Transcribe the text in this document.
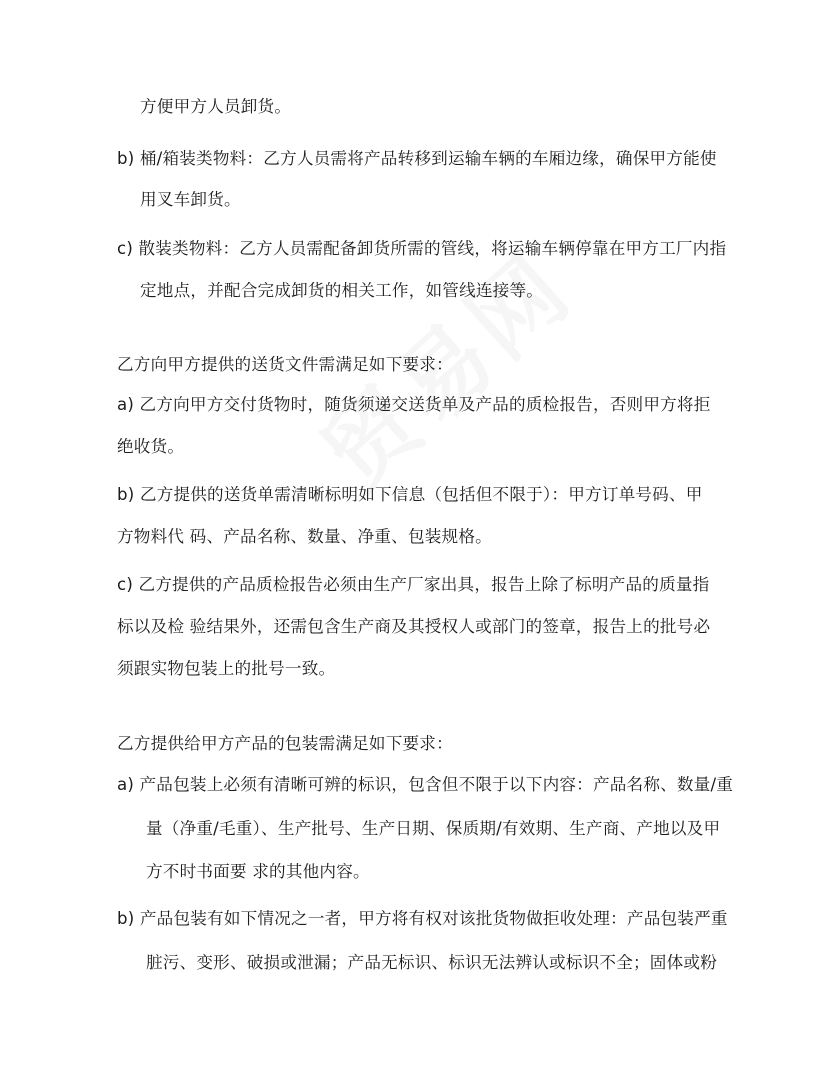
方便甲方人员卸货。
b) 桶/箱装类物料：乙方人员需将产品转移到运输车辆的车厢边缘，确保甲方能使
用叉车卸货。
c) 散装类物料：乙方人员需配备卸货所需的管线，将运输车辆停靠在甲方工厂内指
定地点，并配合完成卸货的相关工作，如管线连接等。
乙方向甲方提供的送货文件需满足如下要求：
a) 乙方向甲方交付货物时，随货须递交送货单及产品的质检报告，否则甲方将拒
绝收货。
b) 乙方提供的送货单需清晰标明如下信息（包括但不限于）：甲方订单号码、甲
方物料代 码、产品名称、数量、净重、包装规格。
c) 乙方提供的产品质检报告必须由生产厂家出具，报告上除了标明产品的质量指
标以及检 验结果外，还需包含生产商及其授权人或部门的签章，报告上的批号必
须跟实物包装上的批号一致。
乙方提供给甲方产品的包装需满足如下要求：
a) 产品包装上必须有清晰可辨的标识，包含但不限于以下内容：产品名称、数量/重
量（净重/毛重）、生产批号、生产日期、保质期/有效期、生产商、产地以及甲
方不时书面要 求的其他内容。
b) 产品包装有如下情况之一者，甲方将有权对该批货物做拒收处理：产品包装严重
脏污、变形、破损或泄漏；产品无标识、标识无法辨认或标识不全；固体或粉
